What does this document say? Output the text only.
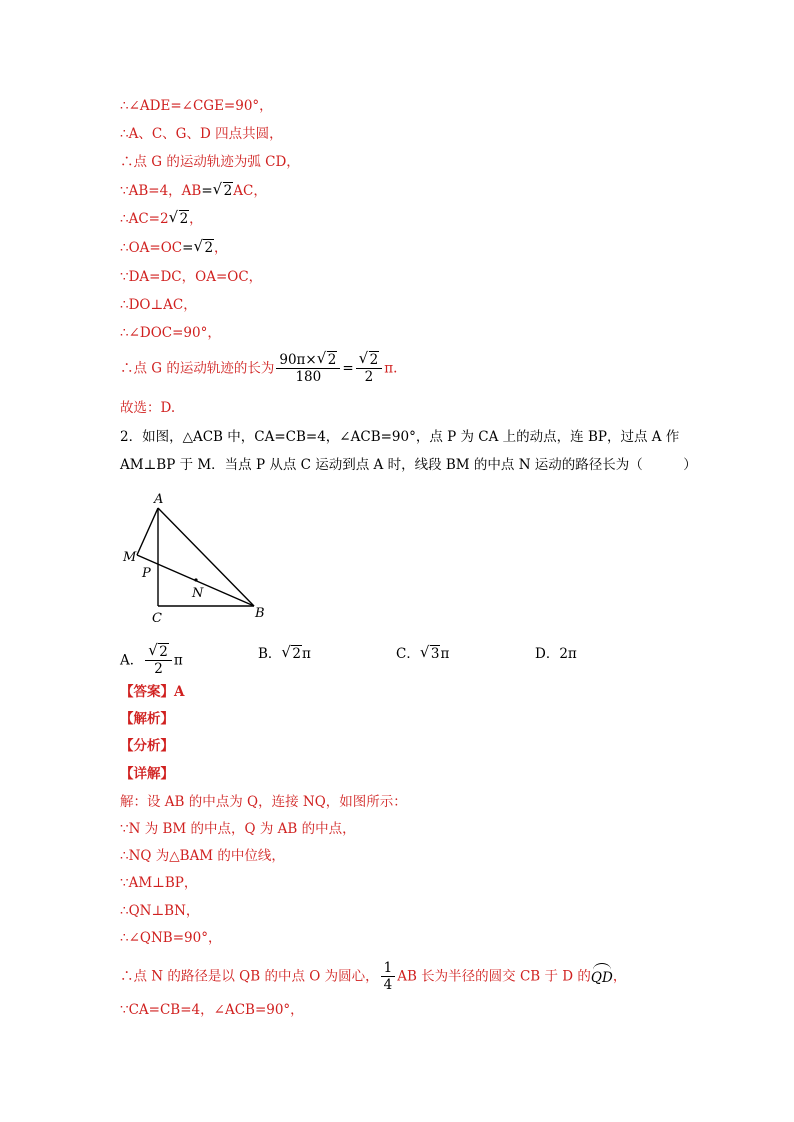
∴∠ADE=∠CGE=90°，
∴A、C、G、D 四点共圆，
∴点 G 的运动轨迹为弧 CD，
∵AB=4，AB= √ 2AC，
∴AC=2 √ 2，
∴OA=OC= √ 2，
∵DA=DC，OA=OC，
∴DO⊥AC，
∴∠DOC=90°，
∴点 G 的运动轨迹的长为 $\frac{90\pi\times √ 2}{180}$ = √ $\frac{2}{2} \pi$.
故选：D.
2．如图，△ACB 中，CA=CB=4，∠ACB=90°，点 P 为 CA 上的动点，连 BP，过点 A 作
AM⊥BP 于 M．当点 P 从点 C 运动到点 A 时，线段 BM 的中点 N 运动的路径长为（　　　）
A
M
P
N
C	B
A． √ $\frac{2}{2}$ π	B． √ 2π	C． √ 3π	D．2π
【答案】A
【解析】
【分析】
【详解】
解：设 AB 的中点为 Q，连接 NQ，如图所示：
∵N 为 BM 的中点，Q 为 AB 的中点，
∴NQ 为△BAM 的中位线，
∵AM⊥BP，
∴QN⊥BN，
∴∠QNB=90°，
∴点 N 的路径是以 QB 的中点 O 为圆心， $\frac{1}{4}$ AB 长为半径的圆交 CB 于 D 的
QD，
∵CA=CB=4，∠ACB=90°，
